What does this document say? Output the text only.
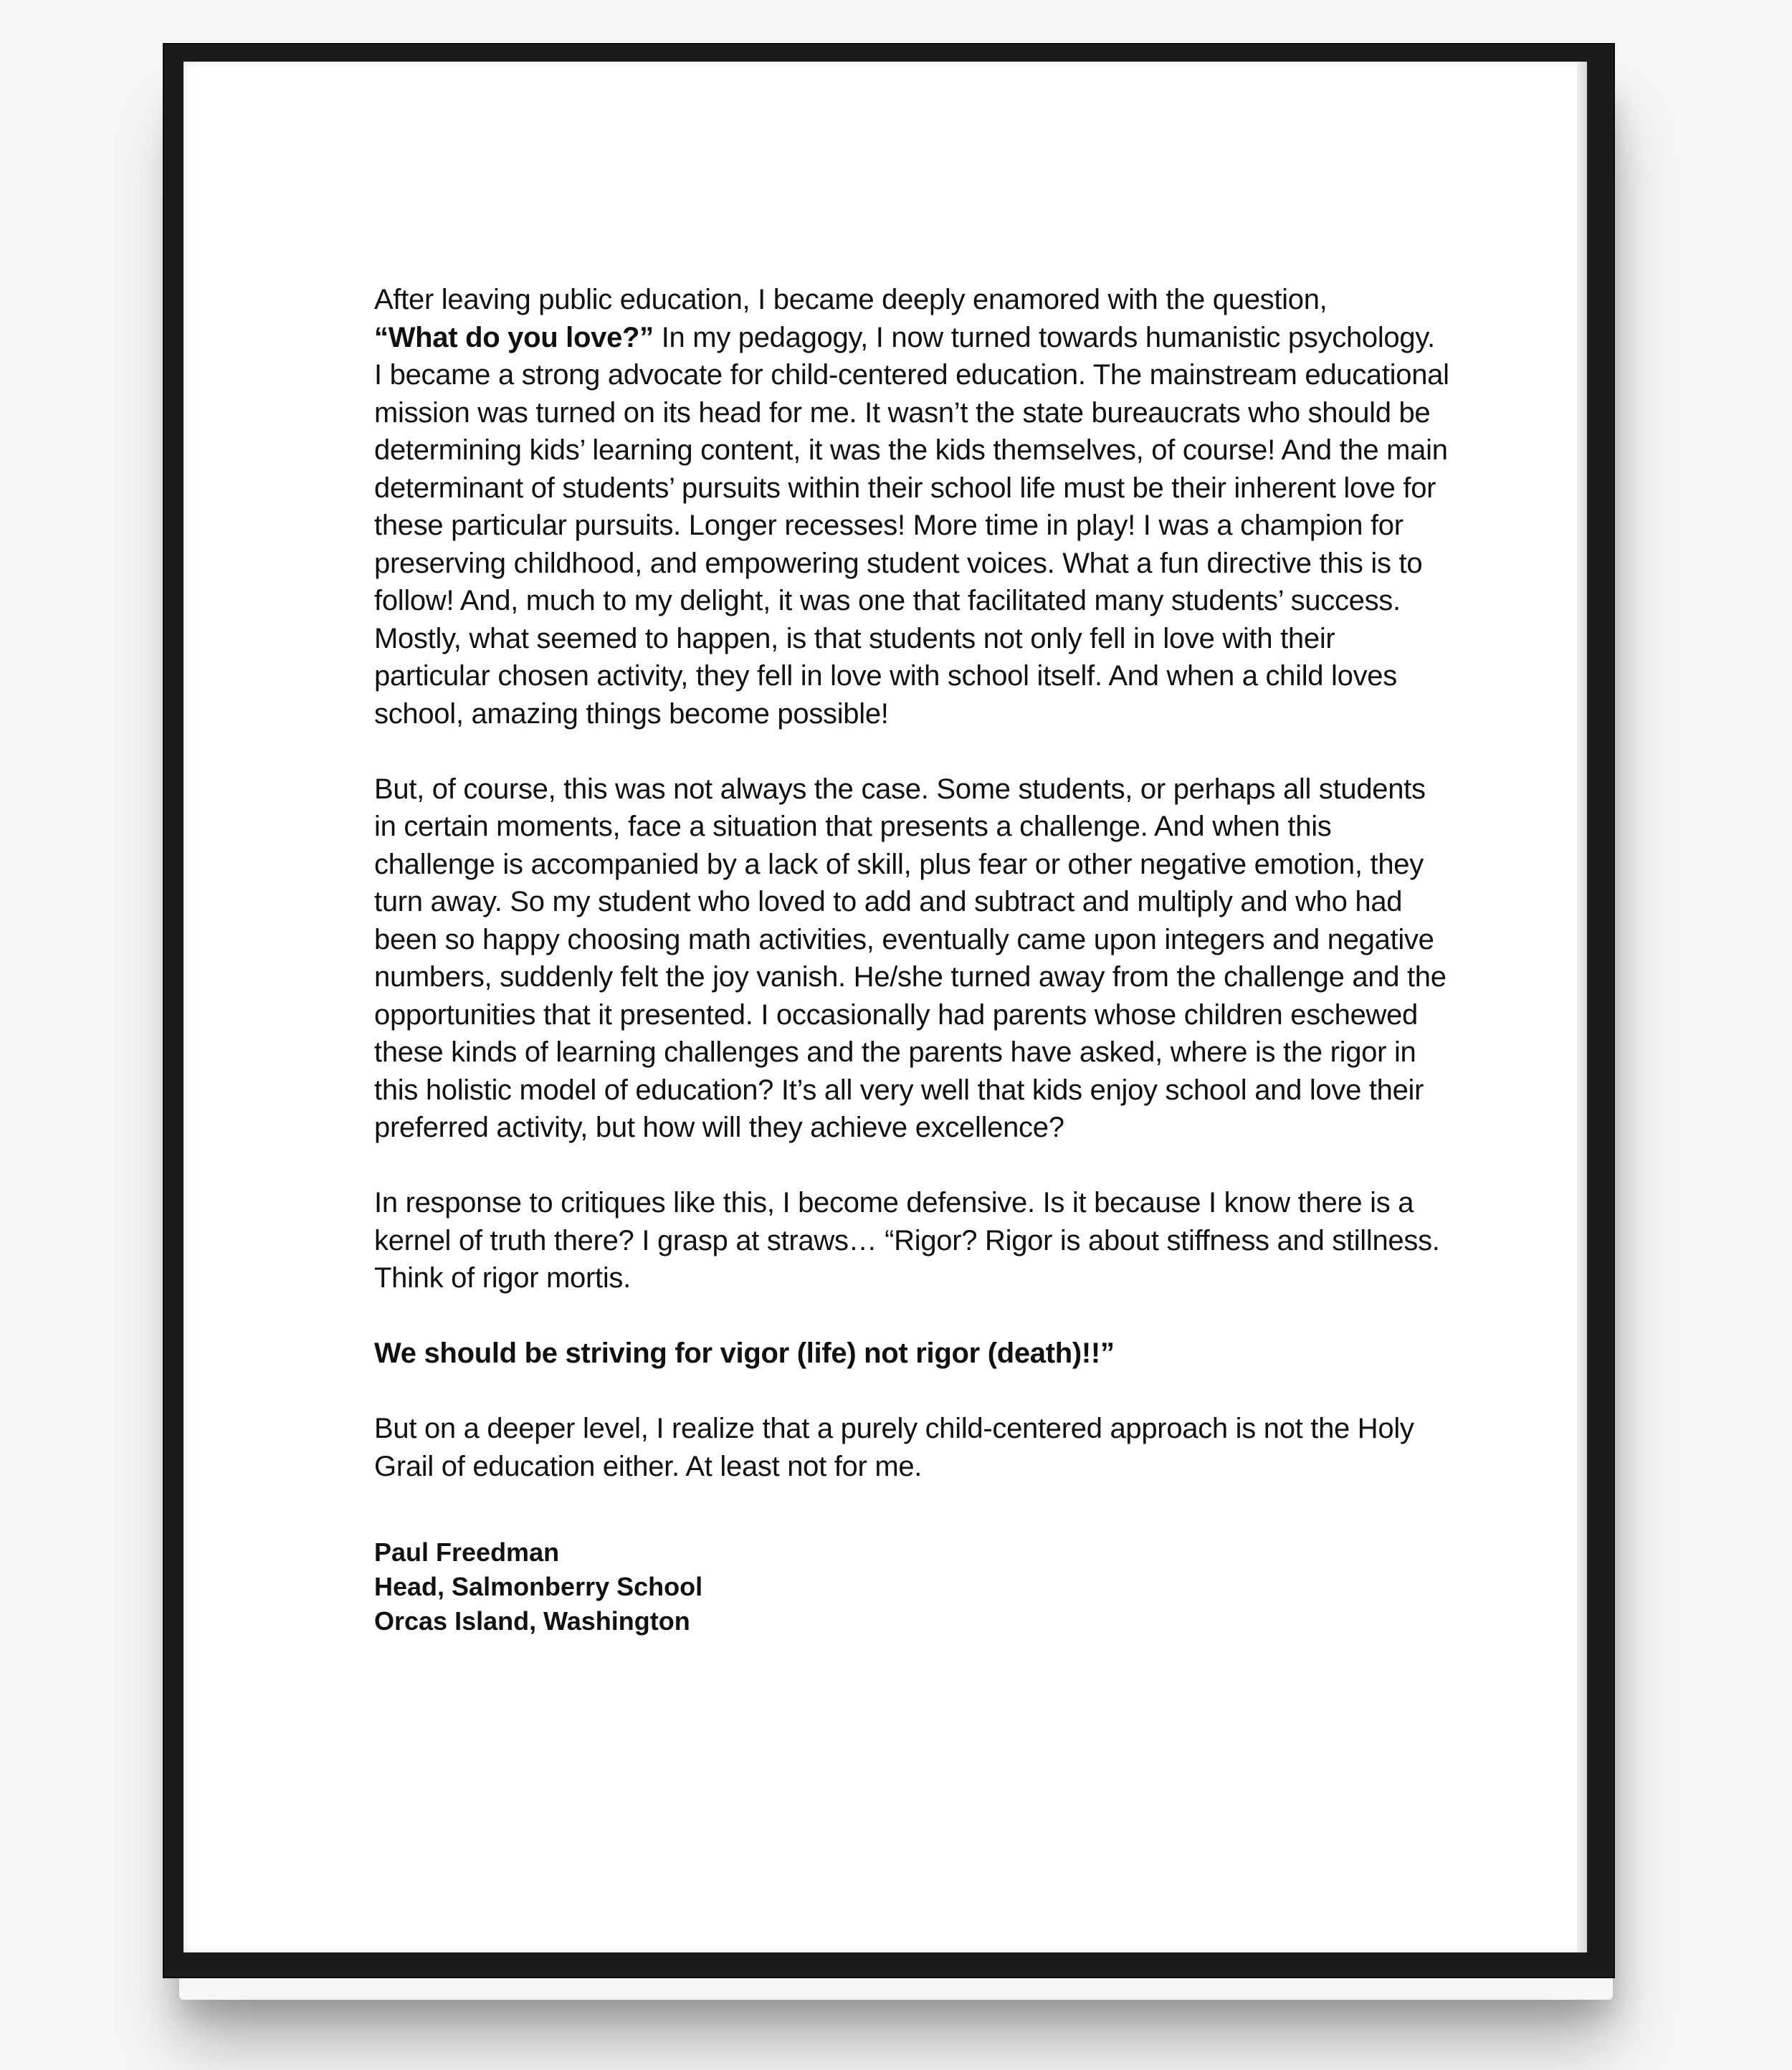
After leaving public education, I became deeply enamored with the question,
“What do you love?” In my pedagogy, I now turned towards humanistic psychology. I became a strong advocate for child-centered education. The mainstream educational mission was turned on its head for me. It wasn’t the state bureaucrats who should be determining kids’ learning content, it was the kids themselves, of course! And the main determinant of students’ pursuits within their school life must be their inherent love for these particular pursuits. Longer recesses! More time in play! I was a champion for preserving childhood, and empowering student voices. What a fun directive this is to follow! And, much to my delight, it was one that facilitated many students’ success. Mostly, what seemed to happen, is that students not only fell in love with their particular chosen activity, they fell in love with school itself. And when a child loves school, amazing things become possible!

But, of course, this was not always the case. Some students, or perhaps all students in certain moments, face a situation that presents a challenge. And when this challenge is accompanied by a lack of skill, plus fear or other negative emotion, they turn away. So my student who loved to add and subtract and multiply and who had been so happy choosing math activities, eventually came upon integers and negative numbers, suddenly felt the joy vanish. He/she turned away from the challenge and the opportunities that it presented. I occasionally had parents whose children eschewed these kinds of learning challenges and the parents have asked, where is the rigor in this holistic model of education? It’s all very well that kids enjoy school and love their preferred activity, but how will they achieve excellence?

In response to critiques like this, I become defensive. Is it because I know there is a kernel of truth there? I grasp at straws… “Rigor? Rigor is about stiffness and stillness. Think of rigor mortis.

We should be striving for vigor (life) not rigor (death)!!”

But on a deeper level, I realize that a purely child-centered approach is not the Holy Grail of education either. At least not for me.

Paul Freedman
Head, Salmonberry School
Orcas Island, Washington
